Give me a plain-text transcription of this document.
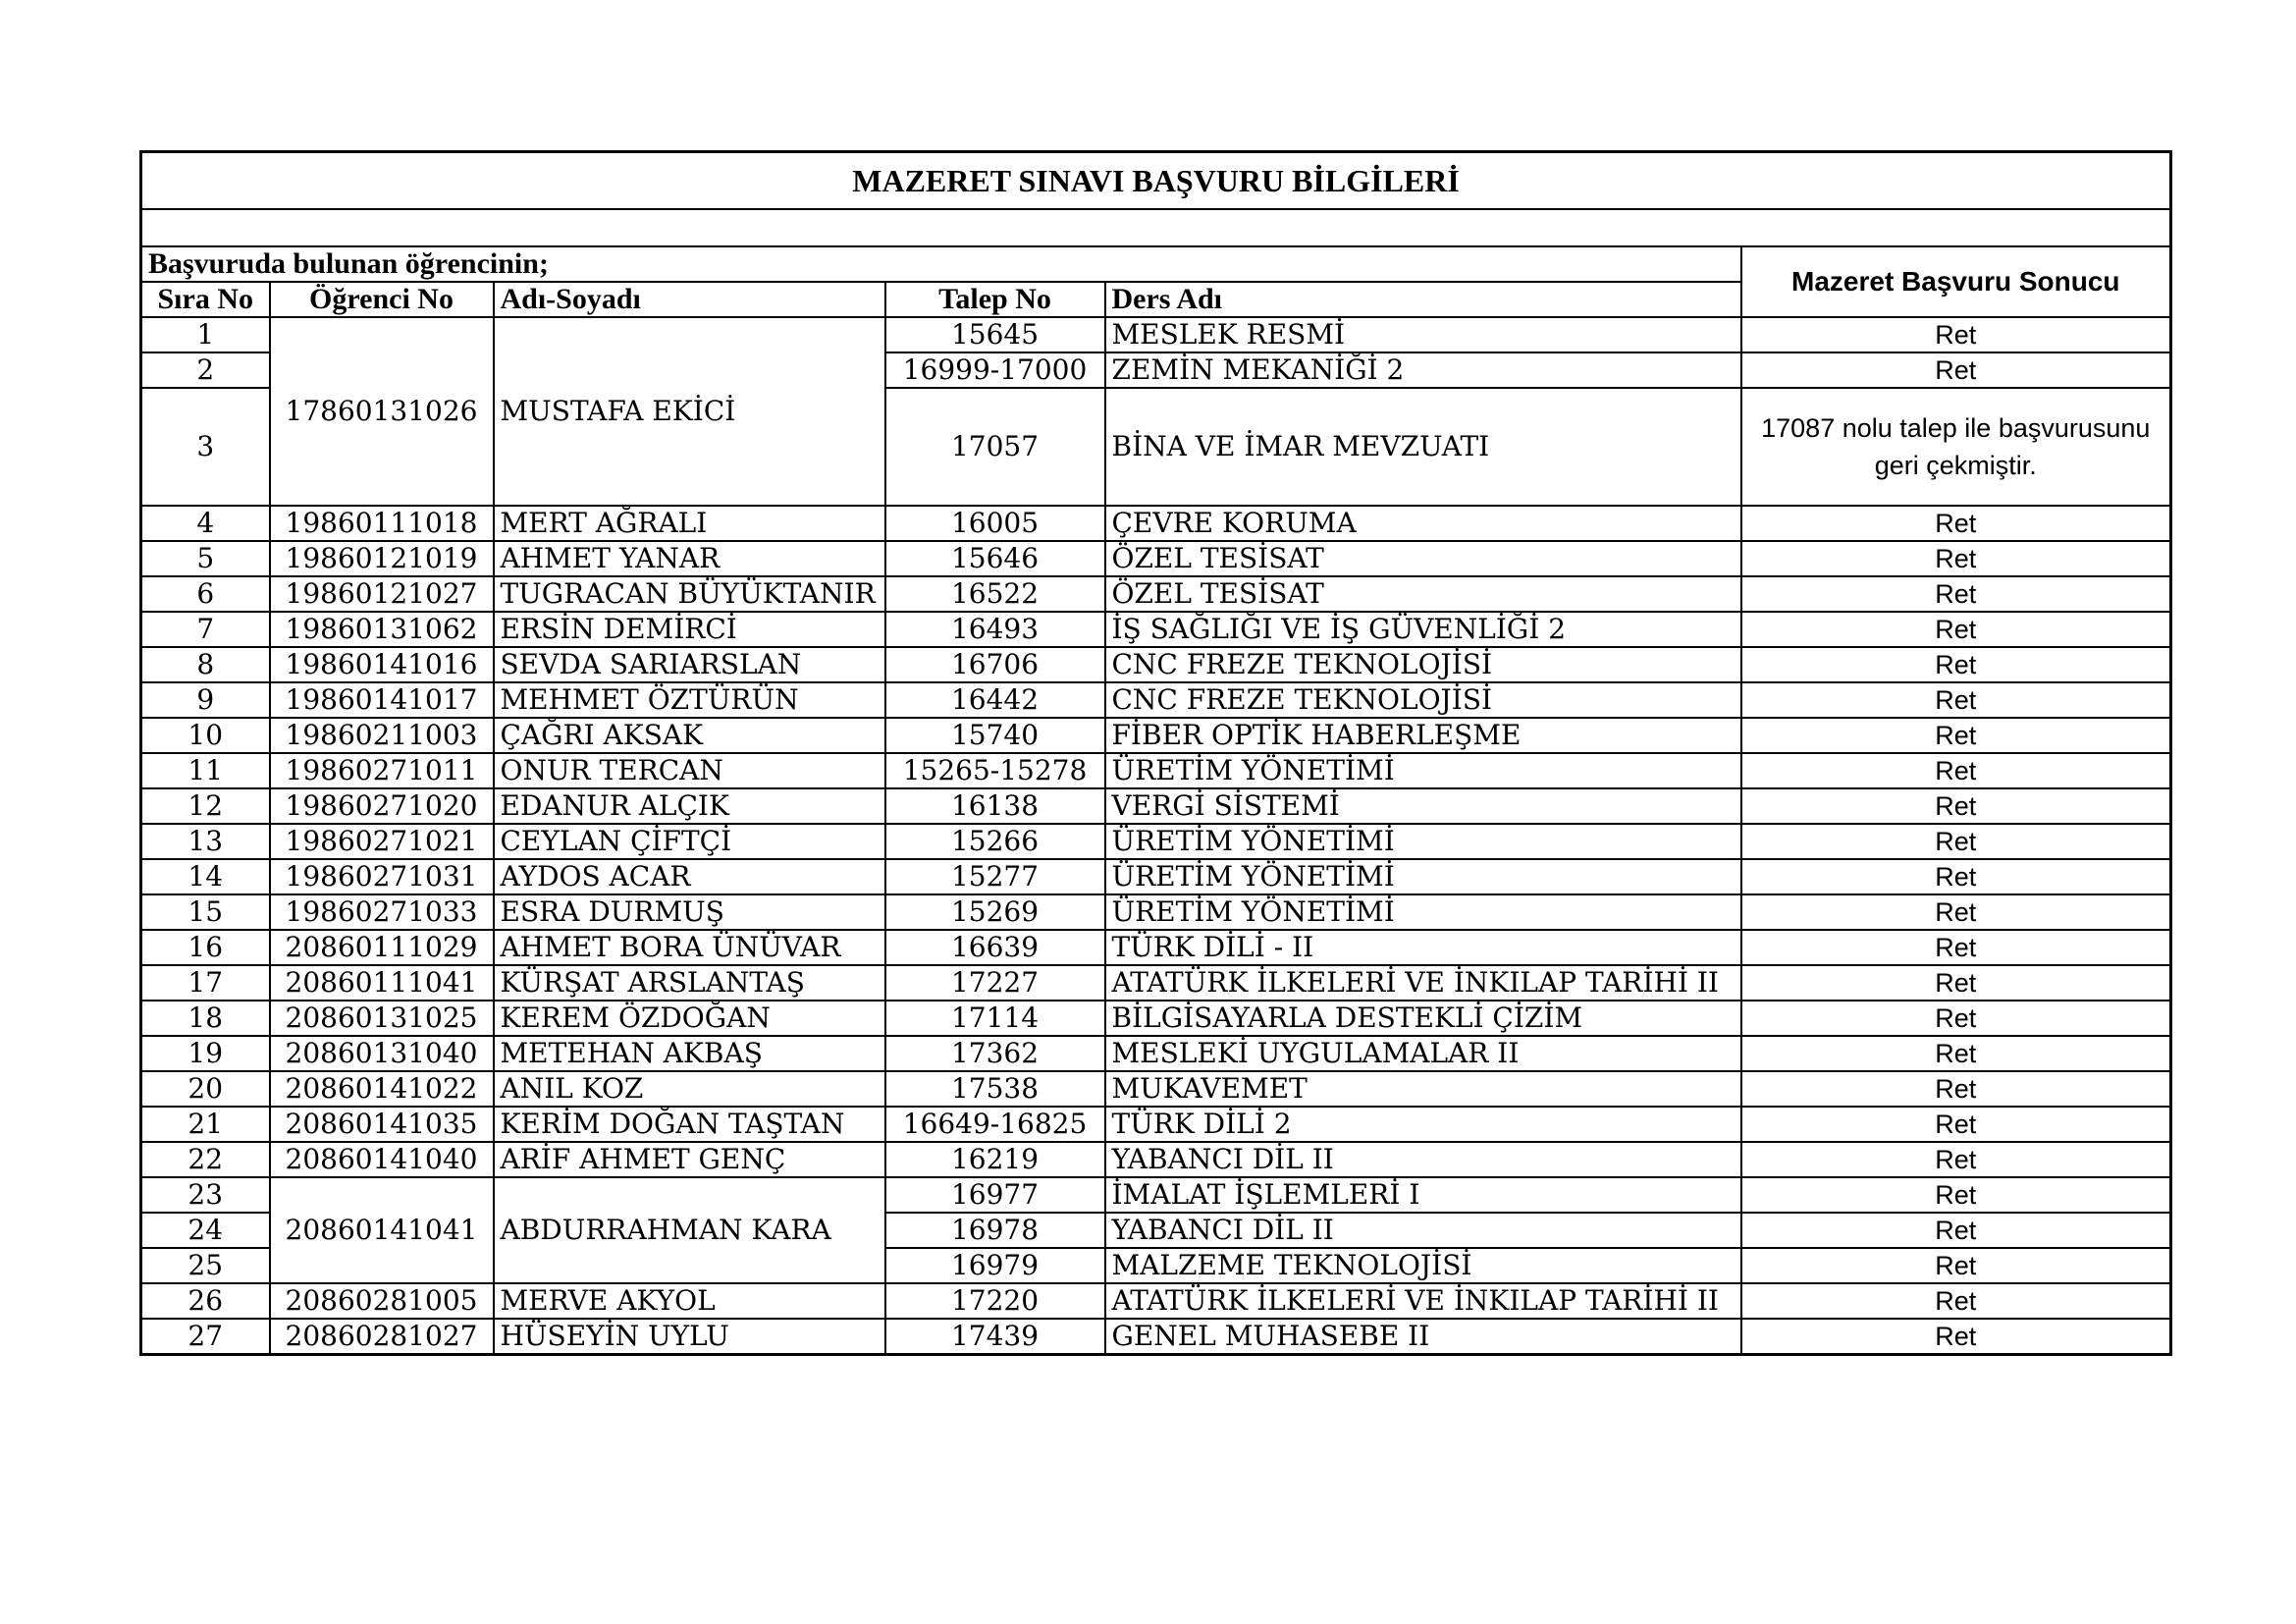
MAZERET SINAVI BAŞVURU BİLGİLERİ					

Başvuruda bulunan öğrencinin;					Mazeret Başvuru Sonucu
Sıra No	Öğrenci No	Adı-Soyadı	Talep No	Ders Adı	
1	17860131026	MUSTAFA EKİCİ	15645	MESLEK RESMİ	Ret
2			16999-17000	ZEMİN MEKANİĞİ 2	Ret
3			17057	BİNA VE İMAR MEVZUATI	17087 nolu talep ile başvurusunu geri çekmiştir.
4	19860111018	MERT AĞRALI	16005	ÇEVRE KORUMA	Ret
5	19860121019	AHMET YANAR	15646	ÖZEL TESİSAT	Ret
6	19860121027	TUGRACAN BÜYÜKTANIR	16522	ÖZEL TESİSAT	Ret
7	19860131062	ERSİN DEMİRCİ	16493	İŞ SAĞLIĞI VE İŞ GÜVENLİĞİ 2	Ret
8	19860141016	SEVDA SARIARSLAN	16706	CNC FREZE TEKNOLOJİSİ	Ret
9	19860141017	MEHMET ÖZTÜRÜN	16442	CNC FREZE TEKNOLOJİSİ	Ret
10	19860211003	ÇAĞRI AKSAK	15740	FİBER OPTİK HABERLEŞME	Ret
11	19860271011	ONUR TERCAN	15265-15278	ÜRETİM YÖNETİMİ	Ret
12	19860271020	EDANUR ALÇIK	16138	VERGİ SİSTEMİ	Ret
13	19860271021	CEYLAN ÇİFTÇİ	15266	ÜRETİM YÖNETİMİ	Ret
14	19860271031	AYDOS ACAR	15277	ÜRETİM YÖNETİMİ	Ret
15	19860271033	ESRA DURMUŞ	15269	ÜRETİM YÖNETİMİ	Ret
16	20860111029	AHMET BORA ÜNÜVAR	16639	TÜRK DİLİ - II	Ret
17	20860111041	KÜRŞAT ARSLANTAŞ	17227	ATATÜRK İLKELERİ VE İNKILAP TARİHİ II	Ret
18	20860131025	KEREM ÖZDOĞAN	17114	BİLGİSAYARLA DESTEKLİ ÇİZİM	Ret
19	20860131040	METEHAN AKBAŞ	17362	MESLEKİ UYGULAMALAR II	Ret
20	20860141022	ANIL KOZ	17538	MUKAVEMET	Ret
21	20860141035	KERİM DOĞAN TAŞTAN	16649-16825	TÜRK DİLİ 2	Ret
22	20860141040	ARİF AHMET GENÇ	16219	YABANCI DİL II	Ret
23	20860141041	ABDURRAHMAN KARA	16977	İMALAT İŞLEMLERİ I	Ret
24			16978	YABANCI DİL II	Ret
25			16979	MALZEME TEKNOLOJİSİ	Ret
26	20860281005	MERVE AKYOL	17220	ATATÜRK İLKELERİ VE İNKILAP TARİHİ II	Ret
27	20860281027	HÜSEYİN UYLU	17439	GENEL MUHASEBE II	Ret
